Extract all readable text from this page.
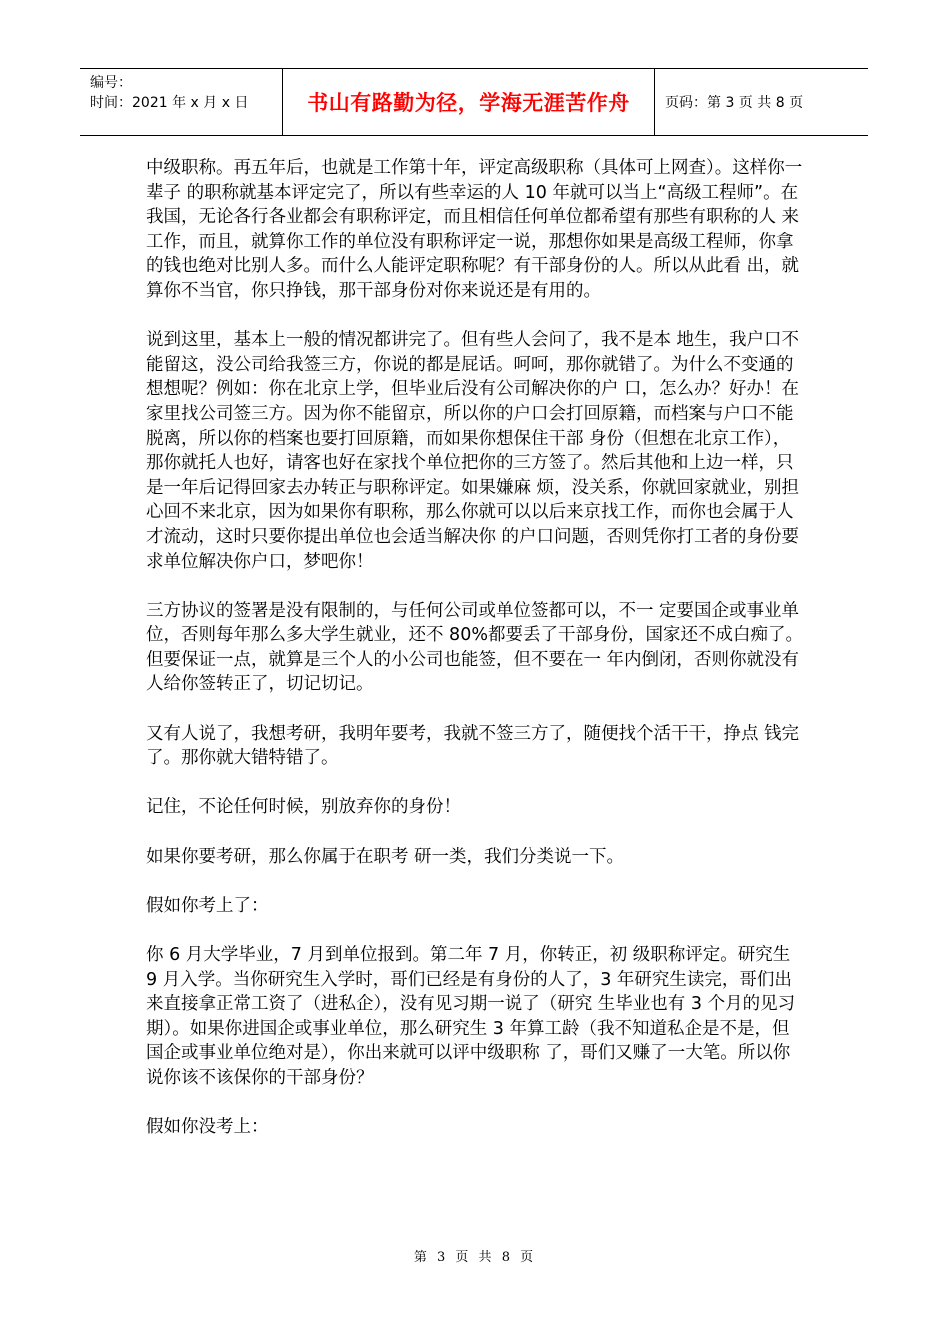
编号：
时间：2021 年 x 月 x 日	书山有路勤为径，学海无涯苦作舟	页码：第 3 页 共 8 页

中级职称。再五年后，也就是工作第十年，评定高级职称（具体可上网查）。这样你一辈子 的职称就基本评定完了，所以有些幸运的人 10 年就可以当上“高级工程师”。在我国，无论各行各业都会有职称评定，而且相信任何单位都希望有那些有职称的人 来工作，而且，就算你工作的单位没有职称评定一说，那想你如果是高级工程师，你拿的钱也绝对比别人多。而什么人能评定职称呢？有干部身份的人。所以从此看 出，就算你不当官，你只挣钱，那干部身份对你来说还是有用的。

说到这里，基本上一般的情况都讲完了。但有些人会问了，我不是本 地生，我户口不能留这，没公司给我签三方，你说的都是屁话。呵呵，那你就错了。为什么不变通的想想呢？例如：你在北京上学，但毕业后没有公司解决你的户 口，怎么办？好办！在家里找公司签三方。因为你不能留京，所以你的户口会打回原籍，而档案与户口不能脱离，所以你的档案也要打回原籍，而如果你想保住干部 身份（但想在北京工作），那你就托人也好，请客也好在家找个单位把你的三方签了。然后其他和上边一样，只是一年后记得回家去办转正与职称评定。如果嫌麻 烦，没关系，你就回家就业，别担心回不来北京，因为如果你有职称，那么你就可以以后来京找工作，而你也会属于人才流动，这时只要你提出单位也会适当解决你 的户口问题，否则凭你打工者的身份要求单位解决你户口，梦吧你！

三方协议的签署是没有限制的，与任何公司或单位签都可以，不一 定要国企或事业单位，否则每年那么多大学生就业，还不 80%都要丢了干部身份，国家还不成白痴了。但要保证一点，就算是三个人的小公司也能签，但不要在一 年内倒闭，否则你就没有人给你签转正了，切记切记。

又有人说了，我想考研，我明年要考，我就不签三方了，随便找个活干干，挣点 钱完了。那你就大错特错了。

记住，不论任何时候，别放弃你的身份！

如果你要考研，那么你属于在职考 研一类，我们分类说一下。

假如你考上了：

你 6 月大学毕业，7 月到单位报到。第二年 7 月，你转正，初 级职称评定。研究生 9 月入学。当你研究生入学时，哥们已经是有身份的人了，3 年研究生读完，哥们出来直接拿正常工资了（进私企），没有见习期一说了（研究 生毕业也有 3 个月的见习期）。如果你进国企或事业单位，那么研究生 3 年算工龄（我不知道私企是不是，但国企或事业单位绝对是），你出来就可以评中级职称 了，哥们又赚了一大笔。所以你说你该不该保你的干部身份？

假如你没考上：

第 3 页 共 8 页
